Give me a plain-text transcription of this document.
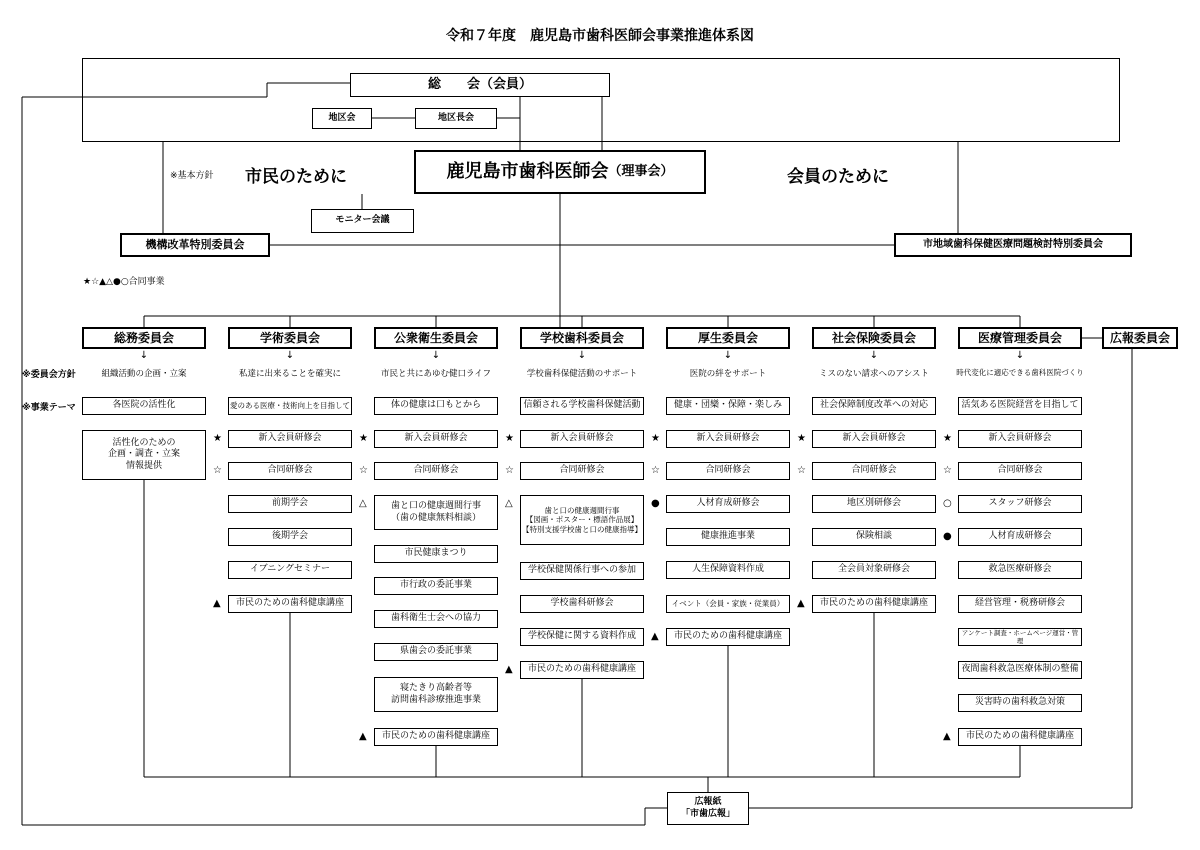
令和７年度　鹿児島市歯科医師会事業推進体系図
総　　会（会員）
地区会	地区長会
※基本方針 市民のために	会員のために
鹿児島市歯科医師会 （理事会）
モニター会議
機構改革特別委員会	市地域歯科保健医療問題検討特別委員会
★☆▲△●○合同事業
※委員会方針
※事業テーマ
広報委員会
広報紙
「市歯広報」
総務委員会
↓
組織活動の企画・立案
各医院の活性化
活性化のための
企画・調査・立案
情報提供
学術委員会
↓
私達に出来ることを確実に
愛のある医療・技術向上を目指して
新入会員研修会
★
合同研修会
☆
前期学会
後期学会
イブニングセミナー
市民のための歯科健康講座
▲
公衆衛生委員会
↓
市民と共にあゆむ健口ライフ
体の健康は口もとから
新入会員研修会
★
合同研修会
☆
歯と口の健康週間行事
（歯の健康無料相談）
△
市民健康まつり
市行政の委託事業
歯科衛生士会への協力
県歯会の委託事業
寝たきり高齢者等
訪問歯科診療推進事業
市民のための歯科健康講座
▲
学校歯科委員会
↓
学校歯科保健活動のサポート
信頼される学校歯科保健活動
新入会員研修会
★
合同研修会
☆
歯と口の健康週間行事
【図画・ポスター・標語作品展】
【特別支援学校歯と口の健康指導】
△
学校保健関係行事への参加
学校歯科研修会
学校保健に関する資料作成
市民のための歯科健康講座
▲
厚生委員会
↓
医院の絆をサポート
健康・団欒・保障・楽しみ
新入会員研修会
★
合同研修会
☆
人材育成研修会
●
健康推進事業
人生保障資料作成
イベント（会員・家族・従業員）
市民のための歯科健康講座
▲
社会保険委員会
↓
ミスのない請求へのアシスト
社会保障制度改革への対応
新入会員研修会
★
合同研修会
☆
地区別研修会
保険相談
全会員対象研修会
市民のための歯科健康講座
▲
医療管理委員会
↓
時代変化に適応できる歯科医院づくり
活気ある医院経営を目指して
新入会員研修会
★
合同研修会
☆
スタッフ研修会
○
人材育成研修会
●
救急医療研修会
経営管理・税務研修会
アンケート調査・ホームページ運営・管理
夜間歯科救急医療体制の整備
災害時の歯科救急対策
市民のための歯科健康講座
▲
